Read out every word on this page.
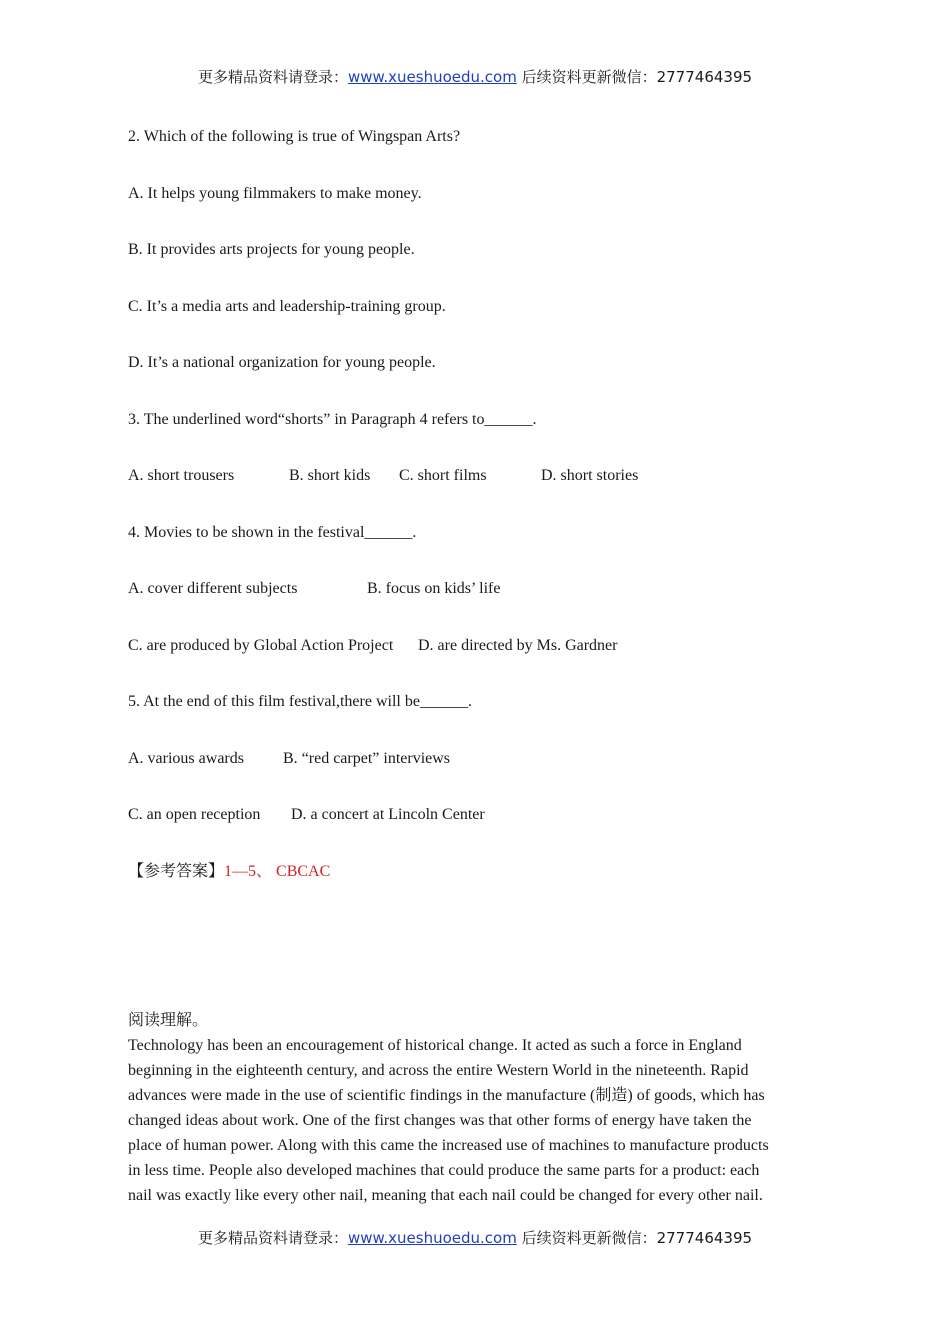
更多精品资料请登录：www.xueshuoedu.com 后续资料更新微信：2777464395
2. Which of the following is true of Wingspan Arts?
A. It helps young filmmakers to make money.
B. It provides arts projects for young people.
C. It’s a media arts and leadership-training group.
D. It’s a national organization for young people.
3. The underlined word“shorts” in Paragraph 4 refers to______.
A. short trousers	B. short kids C. short films	D. short stories
4. Movies to be shown in the festival______.
A. cover different subjects	B. focus on kids’ life
C. are produced by Global Action Project D. are directed by Ms. Gardner
5. At the end of this film festival,there will be______.
A. various awards B. “red carpet” interviews
C. an open reception D. a concert at Lincoln Center
【参考答案】1—5、 CBCAC

阅读理解。

Technology has been an encouragement of historical change. It acted as such a force in England

beginning in the eighteenth century, and across the entire Western World in the nineteenth. Rapid

advances were made in the use of scientific findings in the manufacture (制造) of goods, which has

changed ideas about work. One of the first changes was that other forms of energy have taken the

place of human power. Along with this came the increased use of machines to manufacture products

in less time. People also developed machines that could produce the same parts for a product: each

nail was exactly like every other nail, meaning that each nail could be changed for every other nail.

更多精品资料请登录：www.xueshuoedu.com 后续资料更新微信：2777464395
